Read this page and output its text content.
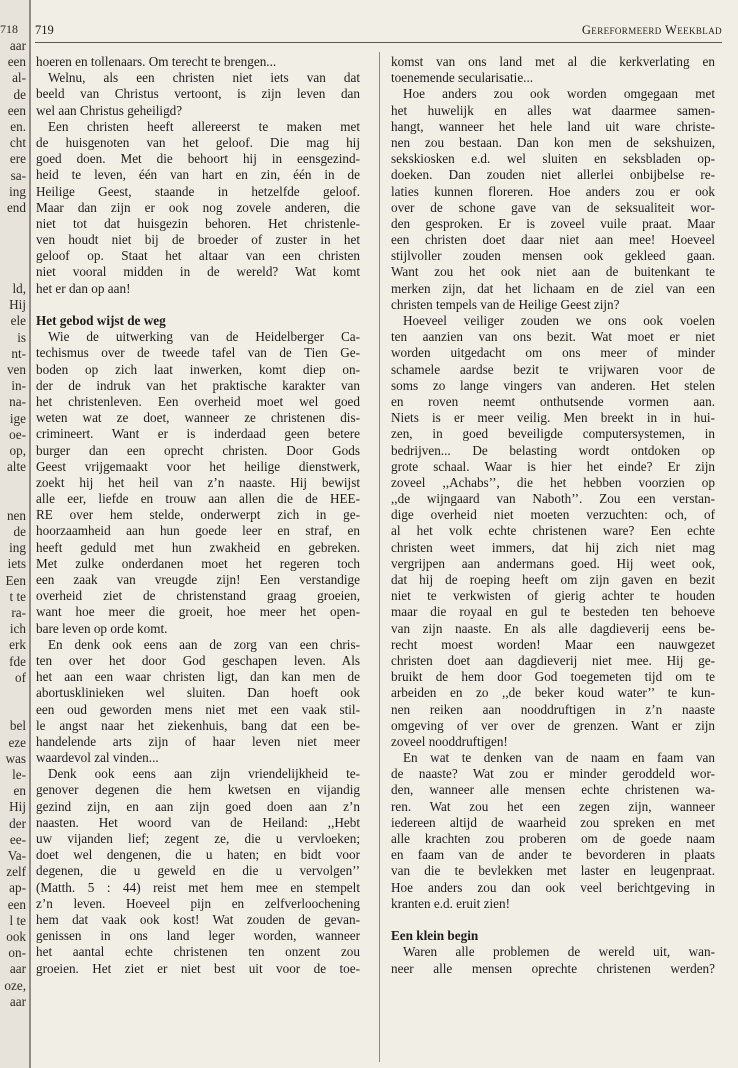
718
aar
een
al-
de
een
en.
cht
ere
sa-
ing
end
ld,
Hij
ele
is
nt-
ven
in-
na-
ige
oe-
op,
alte
nen
de
ing
iets
Een
t te
ra-
ich
erk
fde
of
bel
eze
was
le-
en
Hij
der
ee-
Va-
zelf
ap-
een
l te
ook
on-
aar
oze,
aar
719	Gereformeerd Weekblad
hoeren en tollenaars. Om terecht te brengen...
Welnu, als een christen niet iets van dat
beeld van Christus vertoont, is zijn leven dan
wel aan Christus geheiligd?
Een christen heeft allereerst te maken met
de huisgenoten van het geloof. Die mag hij
goed doen. Met die behoort hij in eensgezind-
heid te leven, één van hart en zin, één in de
Heilige Geest, staande in hetzelfde geloof.
Maar dan zijn er ook nog zovele anderen, die
niet tot dat huisgezin behoren. Het christenle-
ven houdt niet bij de broeder of zuster in het
geloof op. Staat het altaar van een christen
niet vooral midden in de wereld? Wat komt
het er dan op aan!
Het gebod wijst de weg
Wie de uitwerking van de Heidelberger Ca-
techismus over de tweede tafel van de Tien Ge-
boden op zich laat inwerken, komt diep on-
der de indruk van het praktische karakter van
het christenleven. Een overheid moet wel goed
weten wat ze doet, wanneer ze christenen dis-
crimineert. Want er is inderdaad geen betere
burger dan een oprecht christen. Door Gods
Geest vrijgemaakt voor het heilige dienstwerk,
zoekt hij het heil van z’n naaste. Hij bewijst
alle eer, liefde en trouw aan allen die de HEE-
RE over hem stelde, onderwerpt zich in ge-
hoorzaamheid aan hun goede leer en straf, en
heeft geduld met hun zwakheid en gebreken.
Met zulke onderdanen moet het regeren toch
een zaak van vreugde zijn! Een verstandige
overheid ziet de christenstand graag groeien,
want hoe meer die groeit, hoe meer het open-
bare leven op orde komt.
En denk ook eens aan de zorg van een chris-
ten over het door God geschapen leven. Als
het aan een waar christen ligt, dan kan men de
abortusklinieken wel sluiten. Dan hoeft ook
een oud geworden mens niet met een vaak stil-
le angst naar het ziekenhuis, bang dat een be-
handelende arts zijn of haar leven niet meer
waardevol zal vinden...
Denk ook eens aan zijn vriendelijkheid te-
genover degenen die hem kwetsen en vijandig
gezind zijn, en aan zijn goed doen aan z’n
naasten. Het woord van de Heiland: ,,Hebt
uw vijanden lief; zegent ze, die u vervloeken;
doet wel dengenen, die u haten; en bidt voor
degenen, die u geweld en die u vervolgen’’
(Matth. 5 : 44) reist met hem mee en stempelt
z’n leven. Hoeveel pijn en zelfverloochening
hem dat vaak ook kost! Wat zouden de gevan-
genissen in ons land leger worden, wanneer
het aantal echte christenen ten onzent zou
groeien. Het ziet er niet best uit voor de toe-
komst van ons land met al die kerkverlating en
toenemende secularisatie...
Hoe anders zou ook worden omgegaan met
het huwelijk en alles wat daarmee samen-
hangt, wanneer het hele land uit ware christe-
nen zou bestaan. Dan kon men de sekshuizen,
sekskiosken e.d. wel sluiten en seksbladen op-
doeken. Dan zouden niet allerlei onbijbelse re-
laties kunnen floreren. Hoe anders zou er ook
over de schone gave van de seksualiteit wor-
den gesproken. Er is zoveel vuile praat. Maar
een christen doet daar niet aan mee! Hoeveel
stijlvoller zouden mensen ook gekleed gaan.
Want zou het ook niet aan de buitenkant te
merken zijn, dat het lichaam en de ziel van een
christen tempels van de Heilige Geest zijn?
Hoeveel veiliger zouden we ons ook voelen
ten aanzien van ons bezit. Wat moet er niet
worden uitgedacht om ons meer of minder
schamele aardse bezit te vrijwaren voor de
soms zo lange vingers van anderen. Het stelen
en roven neemt onthutsende vormen aan.
Niets is er meer veilig. Men breekt in in hui-
zen, in goed beveiligde computersystemen, in
bedrijven... De belasting wordt ontdoken op
grote schaal. Waar is hier het einde? Er zijn
zoveel ,,Achabs’’, die het hebben voorzien op
,,de wijngaard van Naboth’’. Zou een verstan-
dige overheid niet moeten verzuchten: och, of
al het volk echte christenen ware? Een echte
christen weet immers, dat hij zich niet mag
vergrijpen aan andermans goed. Hij weet ook,
dat hij de roeping heeft om zijn gaven en bezit
niet te verkwisten of gierig achter te houden
maar die royaal en gul te besteden ten behoeve
van zijn naaste. En als alle dagdieverij eens be-
recht moest worden! Maar een nauwgezet
christen doet aan dagdieverij niet mee. Hij ge-
bruikt de hem door God toegemeten tijd om te
arbeiden en zo ,,de beker koud water’’ te kun-
nen reiken aan nooddruftigen in z’n naaste
omgeving of ver over de grenzen. Want er zijn
zoveel nooddruftigen!
En wat te denken van de naam en faam van
de naaste? Wat zou er minder geroddeld wor-
den, wanneer alle mensen echte christenen wa-
ren. Wat zou het een zegen zijn, wanneer
iedereen altijd de waarheid zou spreken en met
alle krachten zou proberen om de goede naam
en faam van de ander te bevorderen in plaats
van die te bevlekken met laster en leugenpraat.
Hoe anders zou dan ook veel berichtgeving in
kranten e.d. eruit zien!
Een klein begin
Waren alle problemen de wereld uit, wan-
neer alle mensen oprechte christenen werden?
